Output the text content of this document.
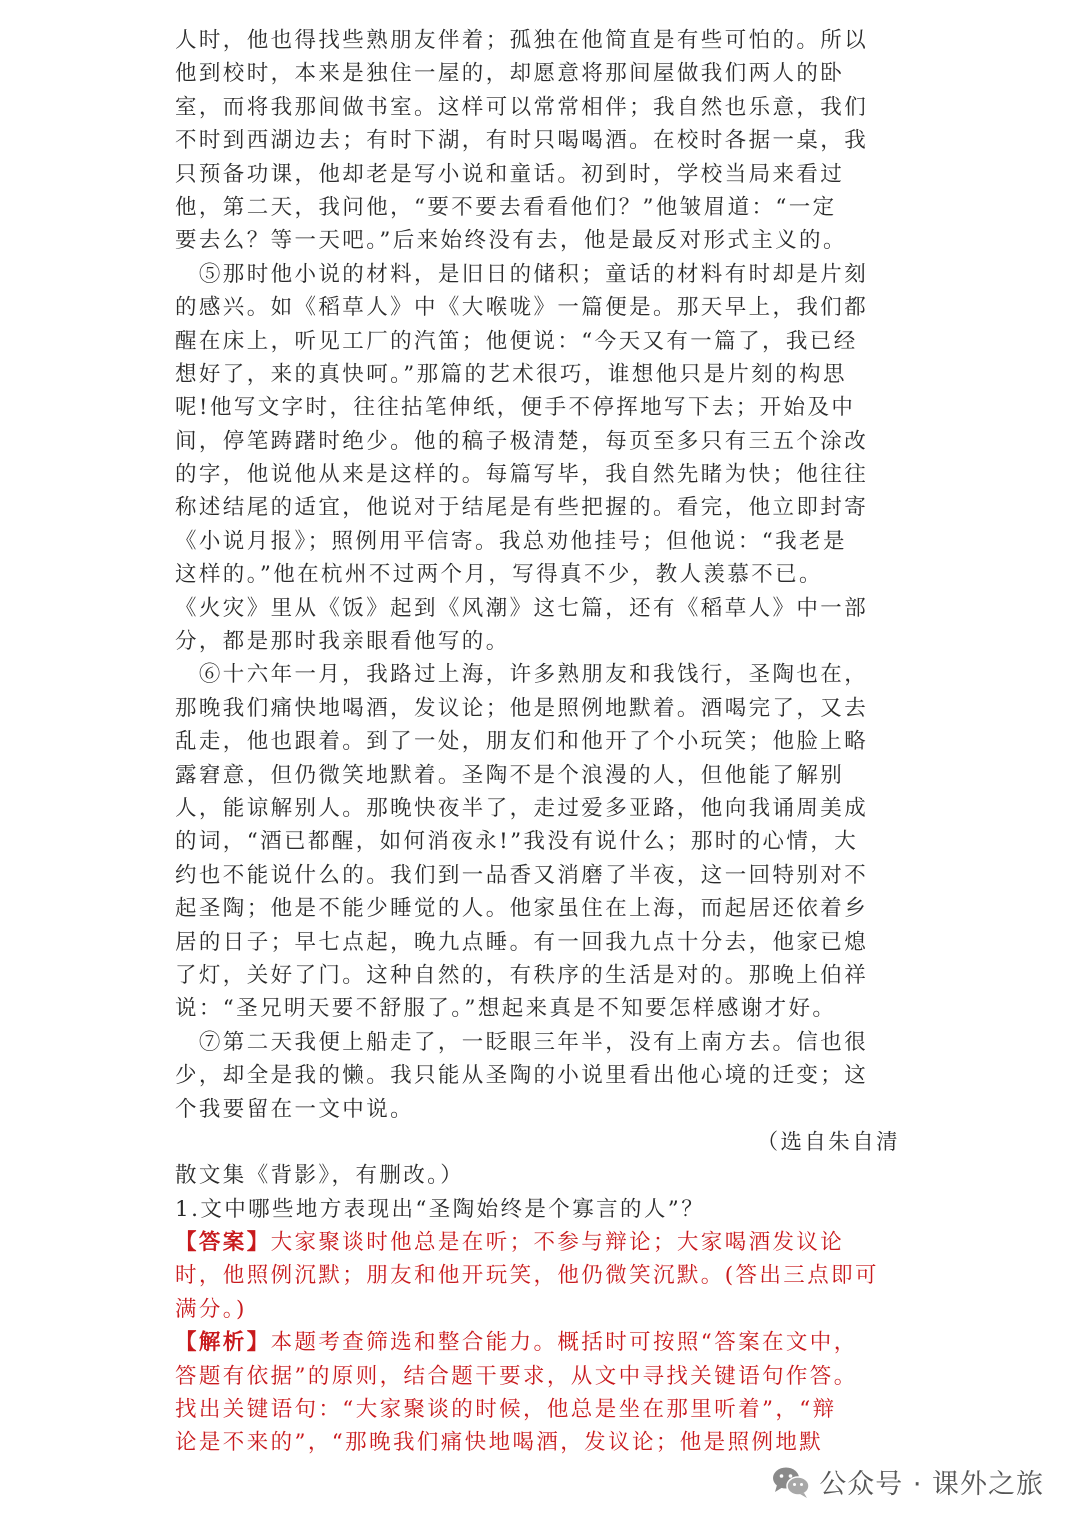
人时，他也得找些熟朋友伴着；孤独在他简直是有些可怕的。所以
他到校时，本来是独住一屋的，却愿意将那间屋做我们两人的卧
室，而将我那间做书室。这样可以常常相伴；我自然也乐意，我们
不时到西湖边去；有时下湖，有时只喝喝酒。在校时各据一桌，我
只预备功课，他却老是写小说和童话。初到时，学校当局来看过
他，第二天，我问他，“要不要去看看他们？”他皱眉道：“一定
要去么？等一天吧。”后来始终没有去，他是最反对形式主义的。
　⑤那时他小说的材料，是旧日的储积；童话的材料有时却是片刻
的感兴。如《稻草人》中《大喉咙》一篇便是。那天早上，我们都
醒在床上，听见工厂的汽笛；他便说：“今天又有一篇了，我已经
想好了，来的真快呵。”那篇的艺术很巧，谁想他只是片刻的构思
呢!他写文字时，往往拈笔伸纸，便手不停挥地写下去；开始及中
间，停笔踌躇时绝少。他的稿子极清楚，每页至多只有三五个涂改
的字，他说他从来是这样的。每篇写毕，我自然先睹为快；他往往
称述结尾的适宜，他说对于结尾是有些把握的。看完，他立即封寄
《小说月报》；照例用平信寄。我总劝他挂号；但他说：“我老是
这样的。”他在杭州不过两个月，写得真不少，教人羡慕不已。
《火灾》里从《饭》起到《风潮》这七篇，还有《稻草人》中一部
分，都是那时我亲眼看他写的。
　⑥十六年一月，我路过上海，许多熟朋友和我饯行，圣陶也在，
那晚我们痛快地喝酒，发议论；他是照例地默着。酒喝完了，又去
乱走，他也跟着。到了一处，朋友们和他开了个小玩笑；他脸上略
露窘意，但仍微笑地默着。圣陶不是个浪漫的人，但他能了解别
人，能谅解别人。那晚快夜半了，走过爱多亚路，他向我诵周美成
的词，“酒已都醒，如何消夜永!”我没有说什么；那时的心情，大
约也不能说什么的。我们到一品香又消磨了半夜，这一回特别对不
起圣陶；他是不能少睡觉的人。他家虽住在上海，而起居还依着乡
居的日子；早七点起，晚九点睡。有一回我九点十分去，他家已熄
了灯，关好了门。这种自然的，有秩序的生活是对的。那晚上伯祥
说：“圣兄明天要不舒服了。”想起来真是不知要怎样感谢才好。
　⑦第二天我便上船走了，一眨眼三年半，没有上南方去。信也很
少，却全是我的懒。我只能从圣陶的小说里看出他心境的迁变；这
个我要留在一文中说。
（选自朱自清
散文集《背影》，有删改。）
1.文中哪些地方表现出“圣陶始终是个寡言的人”？
【答案】大家聚谈时他总是在听；不参与辩论；大家喝酒发议论
时，他照例沉默；朋友和他开玩笑，他仍微笑沉默。(答出三点即可
满分。)
【解析】本题考查筛选和整合能力。概括时可按照“答案在文中，
答题有依据”的原则，结合题干要求，从文中寻找关键语句作答。
找出关键语句：“大家聚谈的时候，他总是坐在那里听着”，“辩
论是不来的”，“那晚我们痛快地喝酒，发议论；他是照例地默
公众号 · 课外之旅
